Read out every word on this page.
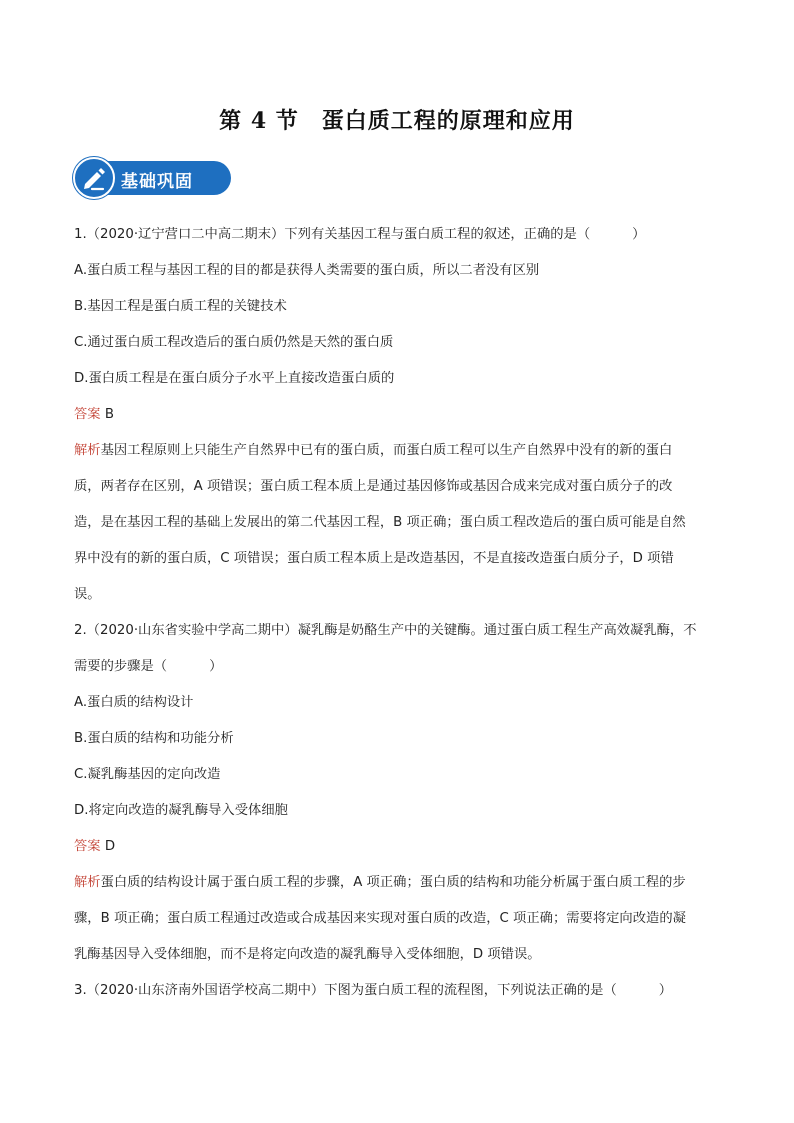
第 4 节　蛋白质工程的原理和应用
基础巩固
1.（2020·辽宁营口二中高二期末）下列有关基因工程与蛋白质工程的叙述，正确的是（	）
A.蛋白质工程与基因工程的目的都是获得人类需要的蛋白质，所以二者没有区别
B.基因工程是蛋白质工程的关键技术
C.通过蛋白质工程改造后的蛋白质仍然是天然的蛋白质
D.蛋白质工程是在蛋白质分子水平上直接改造蛋白质的
答案 B
解析基因工程原则上只能生产自然界中已有的蛋白质，而蛋白质工程可以生产自然界中没有的新的蛋白
质，两者存在区别，A 项错误；蛋白质工程本质上是通过基因修饰或基因合成来完成对蛋白质分子的改
造，是在基因工程的基础上发展出的第二代基因工程，B 项正确；蛋白质工程改造后的蛋白质可能是自然
界中没有的新的蛋白质，C 项错误；蛋白质工程本质上是改造基因，不是直接改造蛋白质分子，D 项错
误。
2.（2020·山东省实验中学高二期中）凝乳酶是奶酪生产中的关键酶。通过蛋白质工程生产高效凝乳酶，不
需要的步骤是（	）
A.蛋白质的结构设计
B.蛋白质的结构和功能分析
C.凝乳酶基因的定向改造
D.将定向改造的凝乳酶导入受体细胞
答案 D
解析蛋白质的结构设计属于蛋白质工程的步骤，A 项正确；蛋白质的结构和功能分析属于蛋白质工程的步
骤，B 项正确；蛋白质工程通过改造或合成基因来实现对蛋白质的改造，C 项正确；需要将定向改造的凝
乳酶基因导入受体细胞，而不是将定向改造的凝乳酶导入受体细胞，D 项错误。
3.（2020·山东济南外国语学校高二期中）下图为蛋白质工程的流程图，下列说法正确的是（	）
